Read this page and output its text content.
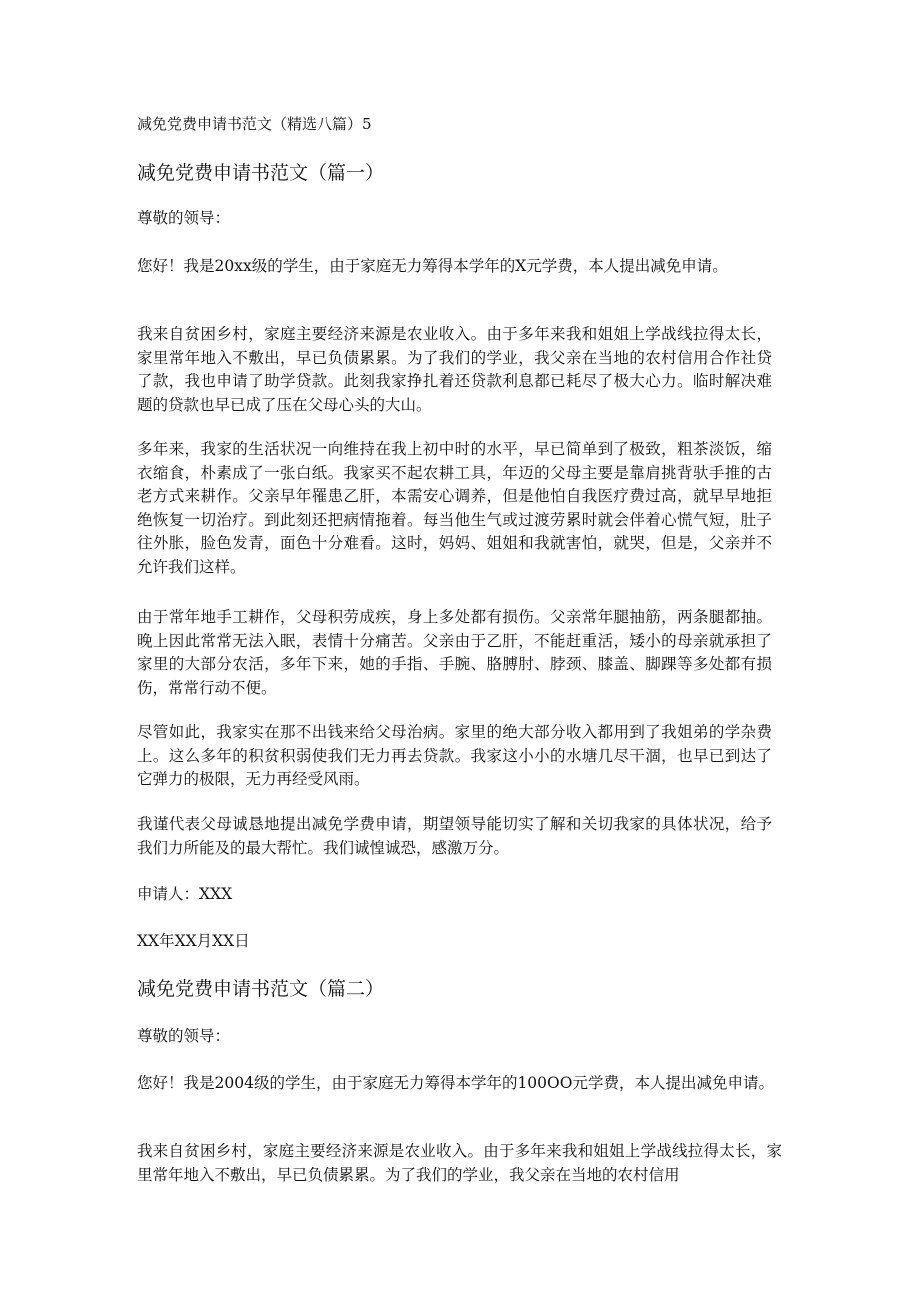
减免党费申请书范文（精选八篇）5
减免党费申请书范文（篇一）
尊敬的领导：

您好！我是20xx级的学生，由于家庭无力筹得本学年的X元学费，本人提出减免申请。

我来自贫困乡村，家庭主要经济来源是农业收入。由于多年来我和姐姐上学战线拉得太长，家里常年地入不敷出，早已负债累累。为了我们的学业，我父亲在当地的农村信用合作社贷了款，我也申请了助学贷款。此刻我家挣扎着还贷款利息都已耗尽了极大心力。临时解决难题的贷款也早已成了压在父母心头的大山。

多年来，我家的生活状况一向维持在我上初中时的水平，早已简单到了极致，粗茶淡饭，缩衣缩食，朴素成了一张白纸。我家买不起农耕工具，年迈的父母主要是靠肩挑背驮手推的古老方式来耕作。父亲早年罹患乙肝，本需安心调养，但是他怕自我医疗费过高，就早早地拒绝恢复一切治疗。到此刻还把病情拖着。每当他生气或过渡劳累时就会伴着心慌气短，肚子往外胀，脸色发青，面色十分难看。这时，妈妈、姐姐和我就害怕，就哭，但是，父亲并不允许我们这样。

由于常年地手工耕作，父母积劳成疾，身上多处都有损伤。父亲常年腿抽筋，两条腿都抽。晚上因此常常无法入眠，表情十分痛苦。父亲由于乙肝，不能赶重活，矮小的母亲就承担了家里的大部分农活，多年下来，她的手指、手腕、胳膊肘、脖颈、膝盖、脚踝等多处都有损伤，常常行动不便。

尽管如此，我家实在那不出钱来给父母治病。家里的绝大部分收入都用到了我姐弟的学杂费上。这么多年的积贫积弱使我们无力再去贷款。我家这小小的水塘几尽干涸，也早已到达了它弹力的极限，无力再经受风雨。

我谨代表父母诚恳地提出减免学费申请，期望领导能切实了解和关切我家的具体状况，给予我们力所能及的最大帮忙。我们诚惶诚恐，感激万分。

申请人：XXX
XX年XX月XX日
减免党费申请书范文（篇二）
尊敬的领导：

您好！我是2004级的学生，由于家庭无力筹得本学年的100OO元学费，本人提出减免申请。

我来自贫困乡村，家庭主要经济来源是农业收入。由于多年来我和姐姐上学战线拉得太长，家里常年地入不敷出，早已负债累累。为了我们的学业，我父亲在当地的农村信用
